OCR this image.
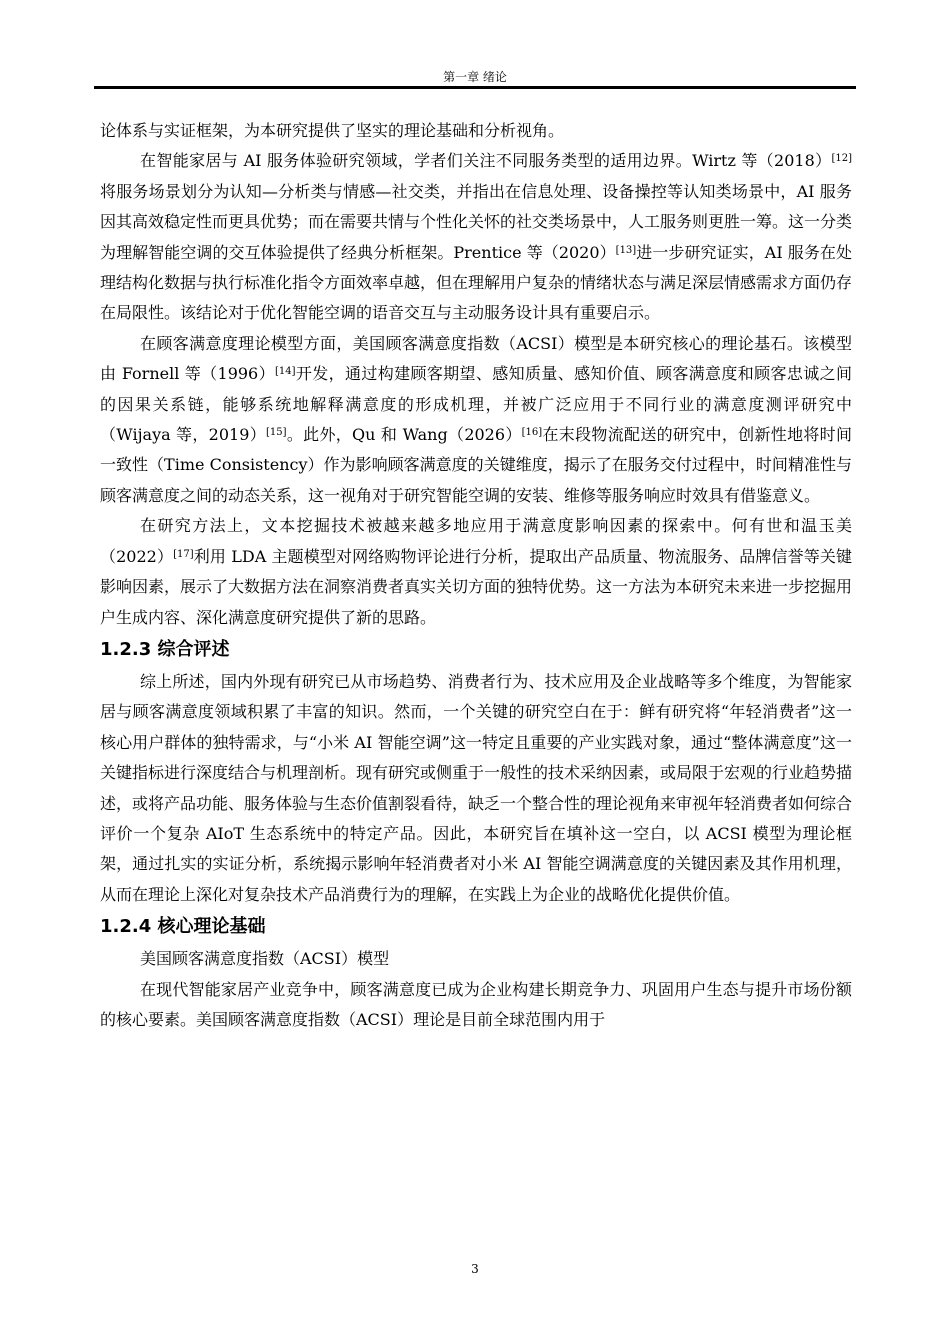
第一章 绪论

论体系与实证框架，为本研究提供了坚实的理论基础和分析视角。

在智能家居与 AI 服务体验研究领域，学者们关注不同服务类型的适用边界。Wirtz 等（2018）[12]将服务场景划分为认知—分析类与情感—社交类，并指出在信息处理、设备操控等认知类场景中，AI 服务因其高效稳定性而更具优势；而在需要共情与个性化关怀的社交类场景中，人工服务则更胜一筹。这一分类为理解智能空调的交互体验提供了经典分析框架。Prentice 等（2020）[13]进一步研究证实，AI 服务在处理结构化数据与执行标准化指令方面效率卓越，但在理解用户复杂的情绪状态与满足深层情感需求方面仍存在局限性。该结论对于优化智能空调的语音交互与主动服务设计具有重要启示。

在顾客满意度理论模型方面，美国顾客满意度指数（ACSI）模型是本研究核心的理论基石。该模型由 Fornell 等（1996）[14]开发，通过构建顾客期望、感知质量、感知价值、顾客满意度和顾客忠诚之间的因果关系链，能够系统地解释满意度的形成机理，并被广泛应用于不同行业的满意度测评研究中（Wijaya 等，2019）[15]。此外，Qu 和 Wang（2026）[16]在末段物流配送的研究中，创新性地将时间一致性（Time Consistency）作为影响顾客满意度的关键维度，揭示了在服务交付过程中，时间精准性与顾客满意度之间的动态关系，这一视角对于研究智能空调的安装、维修等服务响应时效具有借鉴意义。

在研究方法上，文本挖掘技术被越来越多地应用于满意度影响因素的探索中。何有世和温玉美（2022）[17]利用 LDA 主题模型对网络购物评论进行分析，提取出产品质量、物流服务、品牌信誉等关键影响因素，展示了大数据方法在洞察消费者真实关切方面的独特优势。这一方法为本研究未来进一步挖掘用户生成内容、深化满意度研究提供了新的思路。

1.2.3 综合评述

综上所述，国内外现有研究已从市场趋势、消费者行为、技术应用及企业战略等多个维度，为智能家居与顾客满意度领域积累了丰富的知识。然而，一个关键的研究空白在于：鲜有研究将“年轻消费者”这一核心用户群体的独特需求，与“小米 AI 智能空调”这一特定且重要的产业实践对象，通过“整体满意度”这一关键指标进行深度结合与机理剖析。现有研究或侧重于一般性的技术采纳因素，或局限于宏观的行业趋势描述，或将产品功能、服务体验与生态价值割裂看待，缺乏一个整合性的理论视角来审视年轻消费者如何综合评价一个复杂 AIoT 生态系统中的特定产品。因此，本研究旨在填补这一空白，以 ACSI 模型为理论框架，通过扎实的实证分析，系统揭示影响年轻消费者对小米 AI 智能空调满意度的关键因素及其作用机理，从而在理论上深化对复杂技术产品消费行为的理解，在实践上为企业的战略优化提供价值。

1.2.4 核心理论基础

美国顾客满意度指数（ACSI）模型

在现代智能家居产业竞争中，顾客满意度已成为企业构建长期竞争力、巩固用户生态与提升市场份额的核心要素。美国顾客满意度指数（ACSI）理论是目前全球范围内用于

3
